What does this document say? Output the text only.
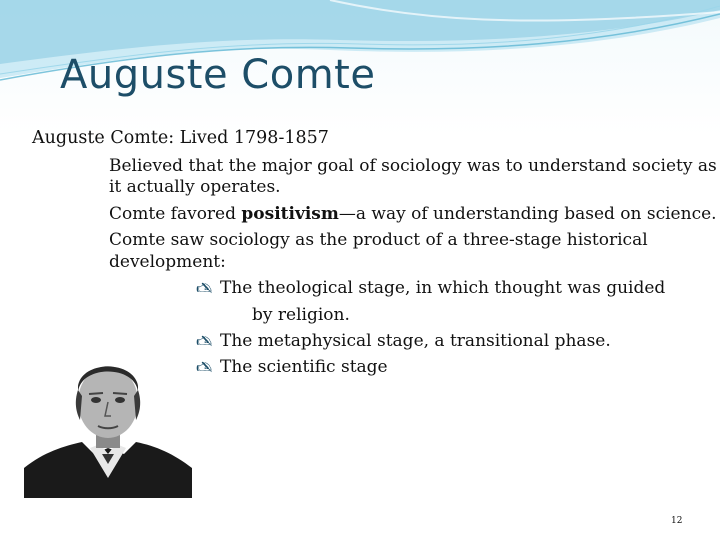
Auguste Comte
Auguste Comte: Lived 1798-1857
Believed that the major goal of sociology was to understand society as
it actually operates.
Comte favored positivism—a way of understanding based on science.
Comte saw sociology as the product of a three-stage historical
development:
🖎 The theological stage, in which thought was guided
by religion.
🖎 The metaphysical stage, a transitional phase.
🖎 The scientific stage
12
